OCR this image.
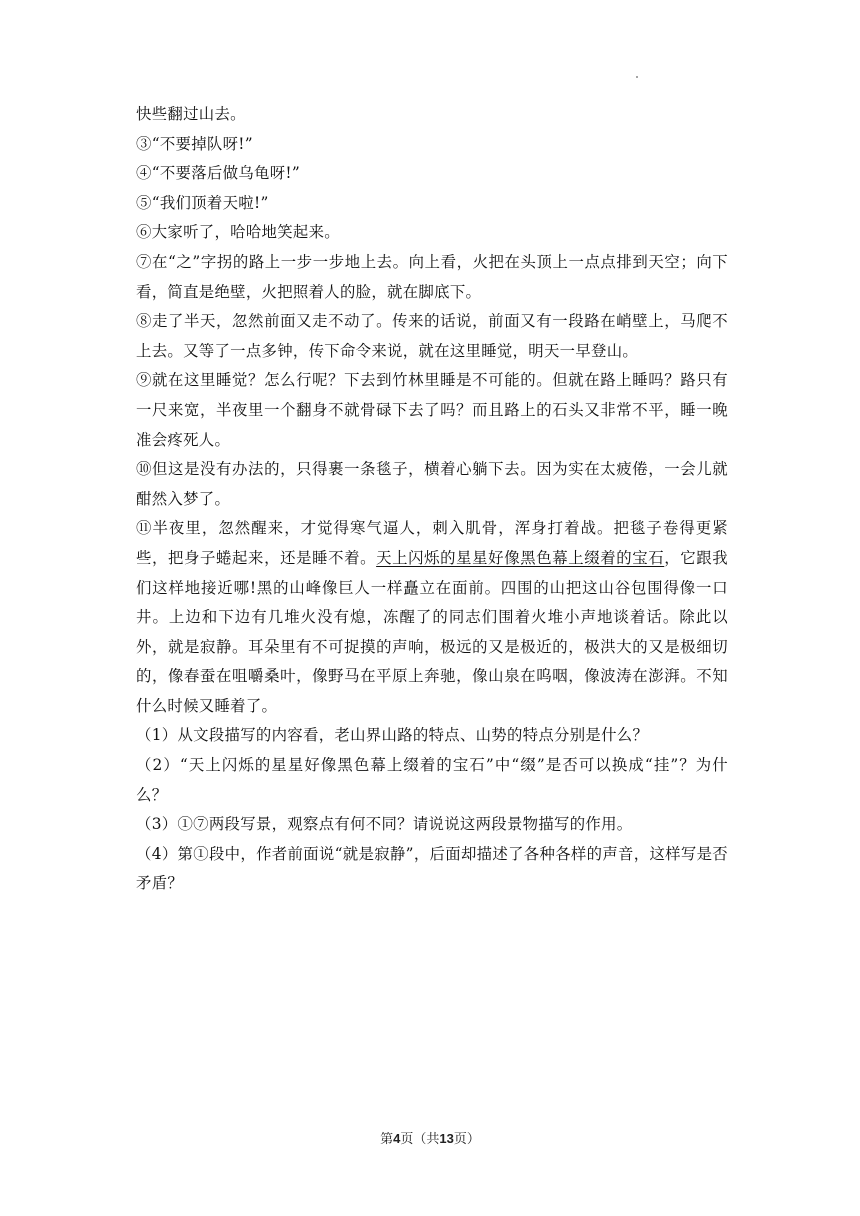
快些翻过山去。

③“不要掉队呀!”

④“不要落后做乌龟呀!”

⑤“我们顶着天啦!”

⑥大家听了，哈哈地笑起来。

⑦在“之”字拐的路上一步一步地上去。向上看，火把在头顶上一点点排到天空；向下看，简直是绝壁，火把照着人的脸，就在脚底下。

⑧走了半天，忽然前面又走不动了。传来的话说，前面又有一段路在峭壁上，马爬不上去。又等了一点多钟，传下命令来说，就在这里睡觉，明天一早登山。

⑨就在这里睡觉？怎么行呢？下去到竹林里睡是不可能的。但就在路上睡吗？路只有一尺来宽，半夜里一个翻身不就骨碌下去了吗？而且路上的石头又非常不平，睡一晚准会疼死人。

⑩但这是没有办法的，只得裹一条毯子，横着心躺下去。因为实在太疲倦，一会儿就酣然入梦了。

⑪半夜里，忽然醒来，才觉得寒气逼人，刺入肌骨，浑身打着战。把毯子卷得更紧些，把身子蜷起来，还是睡不着。天上闪烁的星星好像黑色幕上缀着的宝石，它跟我们这样地接近哪!黑的山峰像巨人一样矗立在面前。四围的山把这山谷包围得像一口井。上边和下边有几堆火没有熄，冻醒了的同志们围着火堆小声地谈着话。除此以外，就是寂静。耳朵里有不可捉摸的声响，极远的又是极近的，极洪大的又是极细切的，像春蚕在咀嚼桑叶，像野马在平原上奔驰，像山泉在呜咽，像波涛在澎湃。不知什么时候又睡着了。

（1）从文段描写的内容看，老山界山路的特点、山势的特点分别是什么？

（2）“天上闪烁的星星好像黑色幕上缀着的宝石”中“缀”是否可以换成“挂”？为什么？

（3）①⑦两段写景，观察点有何不同？请说说这两段景物描写的作用。

（4）第①段中，作者前面说“就是寂静”，后面却描述了各种各样的声音，这样写是否矛盾？

第4页（共13页）
